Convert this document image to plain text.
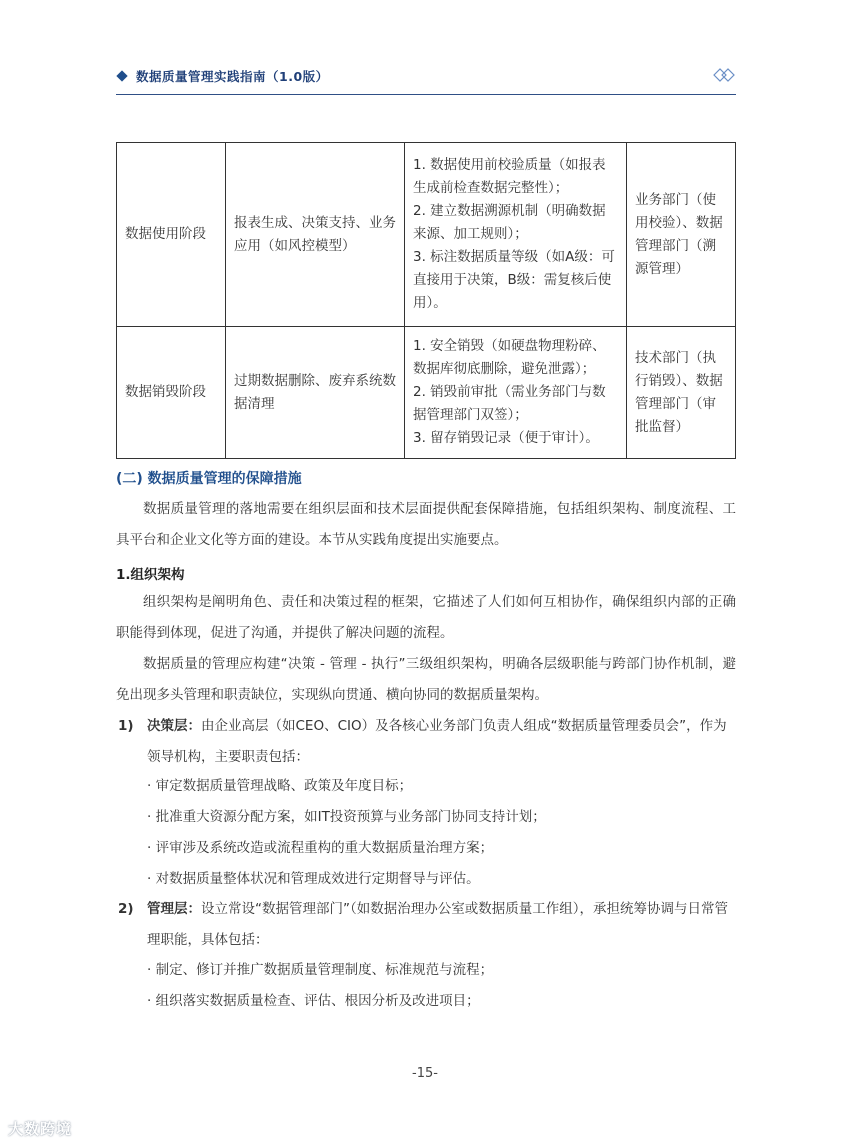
数据质量管理实践指南（1.0版）
数据使用阶段	报表生成、决策支持、业务应用（如风控模型）	1. 数据使用前校验质量（如报表生成前检查数据完整性）；
2. 建立数据溯源机制（明确数据来源、加工规则）；
3. 标注数据质量等级（如A级：可直接用于决策，B级：需复核后使用）。	业务部门（使用校验）、数据管理部门（溯源管理）
数据销毁阶段	过期数据删除、废弃系统数据清理	1. 安全销毁（如硬盘物理粉碎、数据库彻底删除，避免泄露）；
2. 销毁前审批（需业务部门与数据管理部门双签）；
3. 留存销毁记录（便于审计）。	技术部门（执行销毁）、数据管理部门（审批监督）
(二) 数据质量管理的保障措施
数据质量管理的落地需要在组织层面和技术层面提供配套保障措施，包括组织架构、制度流程、工具平台和企业文化等方面的建设。本节从实践角度提出实施要点。
1.组织架构
组织架构是阐明角色、责任和决策过程的框架，它描述了人们如何互相协作，确保组织内部的正确职能得到体现，促进了沟通，并提供了解决问题的流程。
数据质量的管理应构建“决策 - 管理 - 执行”三级组织架构，明确各层级职能与跨部门协作机制，避免出现多头管理和职责缺位，实现纵向贯通、横向协同的数据质量架构。
1) 决策层：由企业高层（如CEO、CIO）及各核心业务部门负责人组成“数据质量管理委员会”，作为领导机构，主要职责包括：
· 审定数据质量管理战略、政策及年度目标；
· 批准重大资源分配方案，如IT投资预算与业务部门协同支持计划；
· 评审涉及系统改造或流程重构的重大数据质量治理方案；
· 对数据质量整体状况和管理成效进行定期督导与评估。
2) 管理层：设立常设“数据管理部门”（如数据治理办公室或数据质量工作组），承担统筹协调与日常管理职能，具体包括：
· 制定、修订并推广数据质量管理制度、标准规范与流程；
· 组织落实数据质量检查、评估、根因分析及改进项目；
-15-
大数跨境
